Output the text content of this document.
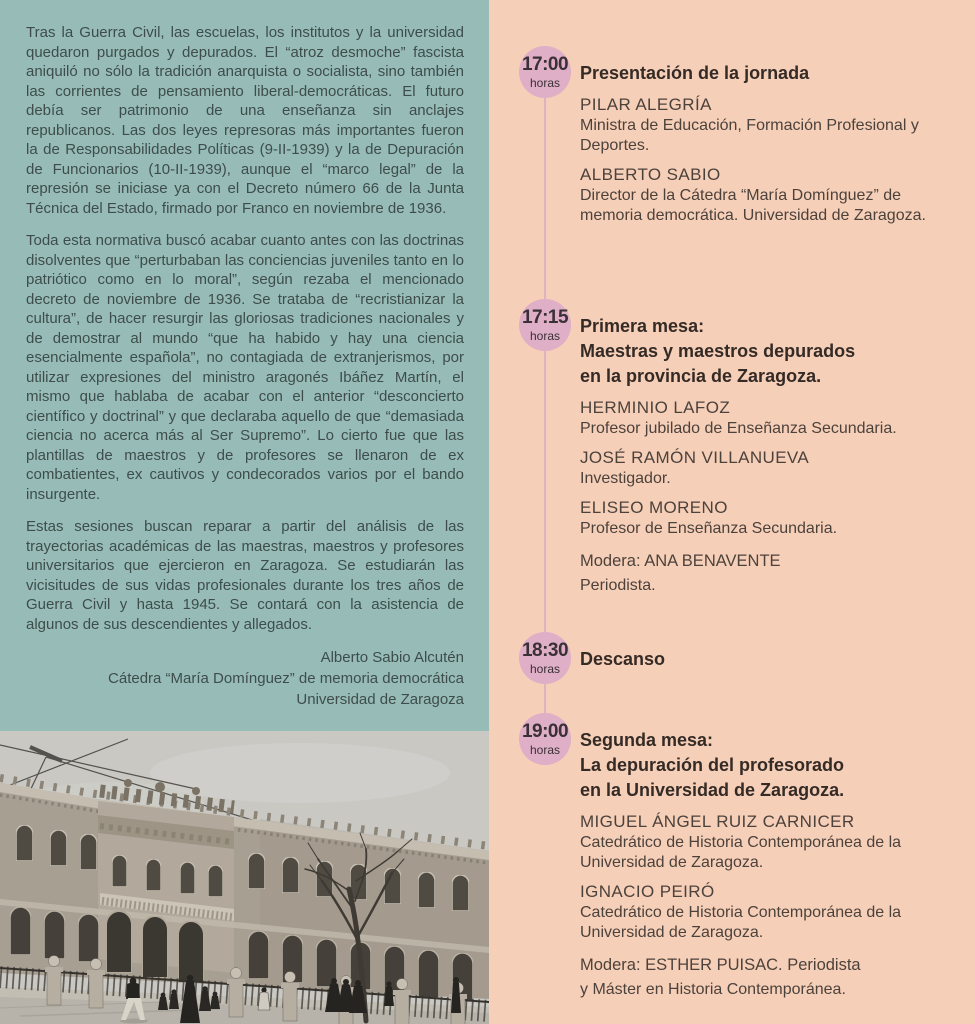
Tras la Guerra Civil, las escuelas, los institutos y la universidad quedaron purgados y depurados. El “atroz desmoche” fascista aniquiló no sólo la tradición anarquista o socialista, sino también las corrientes de pensamiento liberal-democráticas. El futuro debía ser patrimonio de una enseñanza sin anclajes republicanos. Las dos leyes represoras más importantes fueron la de Responsabilidades Políticas (9-II-1939) y la de Depuración de Funcionarios (10-II-1939), aunque el “marco legal” de la represión se iniciase ya con el Decreto número 66 de la Junta Técnica del Estado, firmado por Franco en noviembre de 1936.

Toda esta normativa buscó acabar cuanto antes con las doctrinas disolventes que “perturbaban las conciencias juveniles tanto en lo patriótico como en lo moral”, según rezaba el mencionado decreto de noviembre de 1936. Se trataba de “recristianizar la cultura”, de hacer resurgir las gloriosas tradiciones nacionales y de demostrar al mundo “que ha habido y hay una ciencia esencialmente española”, no contagiada de extranjerismos, por utilizar expresiones del ministro aragonés Ibáñez Martín, el mismo que hablaba de acabar con el anterior “desconcierto científico y doctrinal” y que declaraba aquello de que “demasiada ciencia no acerca más al Ser Supremo”. Lo cierto fue que las plantillas de maestros y de profesores se llenaron de ex combatientes, ex cautivos y condecorados varios por el bando insurgente.

Estas sesiones buscan reparar a partir del análisis de las trayectorias académicas de las maestras, maestros y profesores universitarios que ejercieron en Zaragoza. Se estudiarán las vicisitudes de sus vidas profesionales durante los tres años de Guerra Civil y hasta 1945. Se contará con la asistencia de algunos de sus descendientes y allegados.

Alberto Sabio Alcutén
Cátedra “María Domínguez” de memoria democrática
Universidad de Zaragoza
17:00
horas Presentación de la jornada
PILAR ALEGRÍA
Ministra de Educación, Formación Profesional y Deportes.
ALBERTO SABIO
Director de la Cátedra “María Domínguez” de memoria democrática. Universidad de Zaragoza.
17:15
horas Primera mesa:
Maestras y maestros depurados
en la provincia de Zaragoza.
HERMINIO LAFOZ
Profesor jubilado de Enseñanza Secundaria.
JOSÉ RAMÓN VILLANUEVA
Investigador.
ELISEO MORENO
Profesor de Enseñanza Secundaria.
Modera: ANA BENAVENTE
Periodista.
18:30
horas Descanso
19:00
horas Segunda mesa:
La depuración del profesorado
en la Universidad de Zaragoza.
MIGUEL ÁNGEL RUIZ CARNICER
Catedrático de Historia Contemporánea de la Universidad de Zaragoza.
IGNACIO PEIRÓ
Catedrático de Historia Contemporánea de la Universidad de Zaragoza.
Modera: ESTHER PUISAC. Periodista
y Máster en Historia Contemporánea.
